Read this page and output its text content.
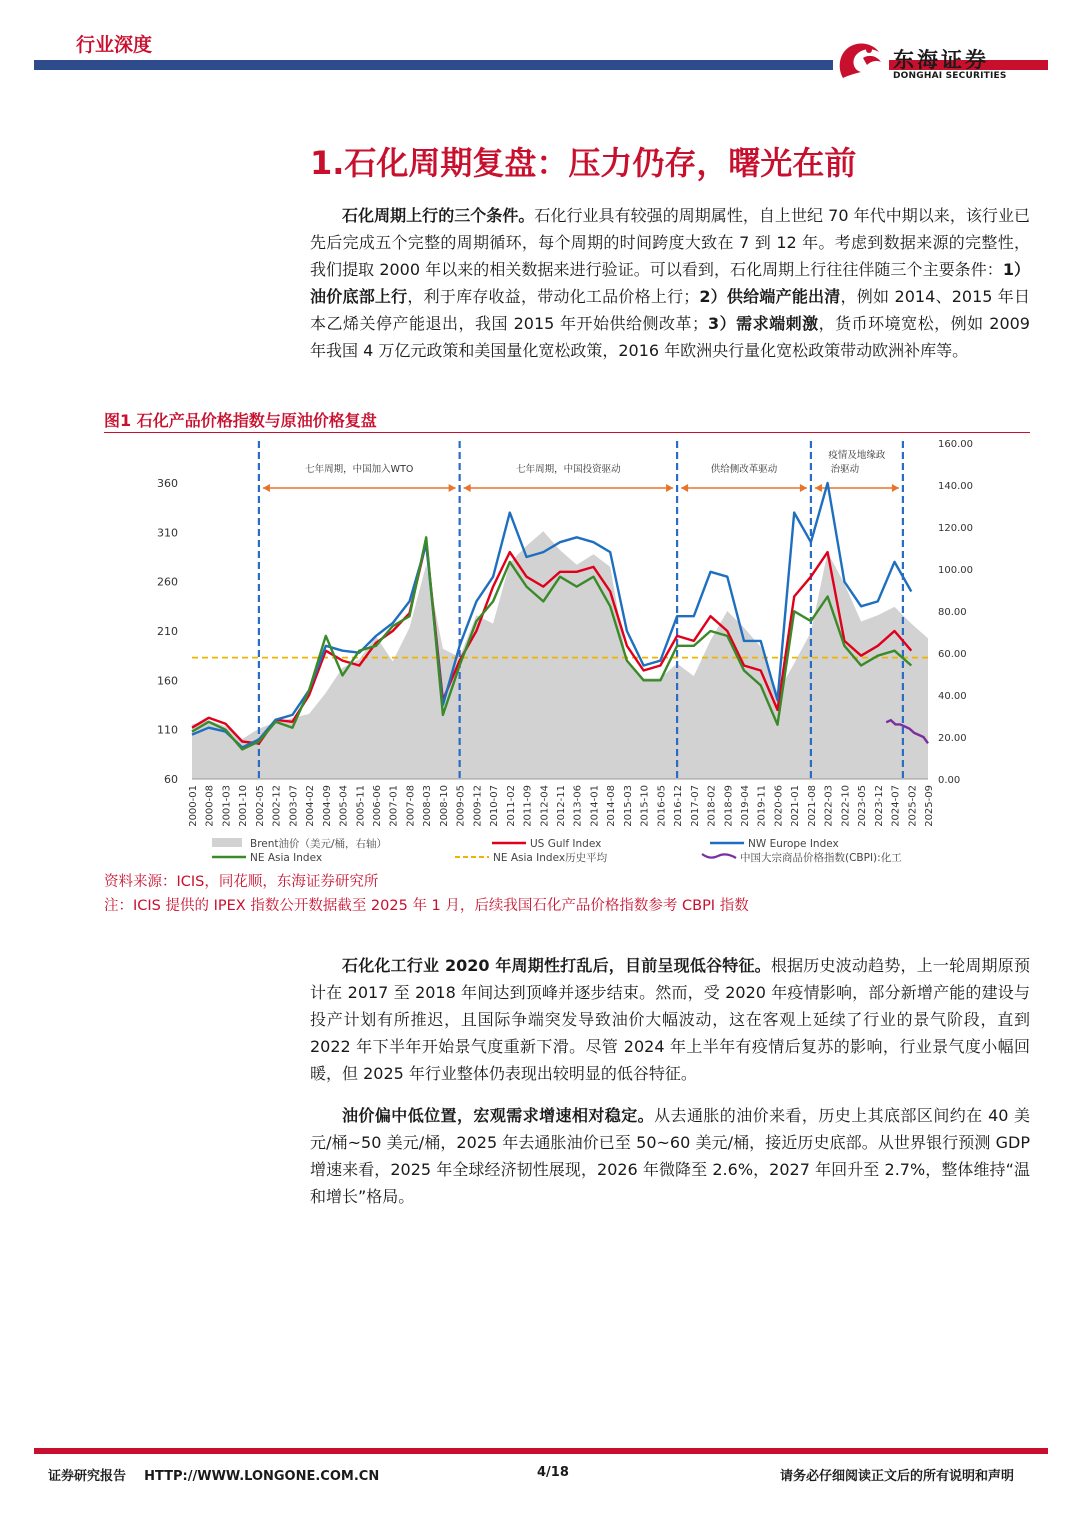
行业深度
东海证券
DONGHAI SECURITIES
1.石化周期复盘：压力仍存，曙光在前

石化周期上行的三个条件。石化行业具有较强的周期属性，自上世纪 70 年代中期以来，该行业已先后完成五个完整的周期循环，每个周期的时间跨度大致在 7 到 12 年。考虑到数据来源的完整性，我们提取 2000 年以来的相关数据来进行验证。可以看到，石化周期上行往往伴随三个主要条件：1）油价底部上行，利于库存收益，带动化工品价格上行；2）供给端产能出清，例如 2014、2015 年日本乙烯关停产能退出，我国 2015 年开始供给侧改革；3）需求端刺激，货币环境宽松，例如 2009 年我国 4 万亿元政策和美国量化宽松政策，2016 年欧洲央行量化宽松政策带动欧洲补库等。

图1 石化产品价格指数与原油价格复盘
七年周期，中国加入WTO	七年周期，中国投资驱动	供给侧改革驱动
疫情及地缘政治驱动
60
110
160
210
260
310
360
0.00
20.00
40.00
60.00
80.00
100.00
120.00
140.00
160.00
2000-01 2000-08 2001-03 2001-10 2002-05 2002-12 2003-07 2004-02 2004-09 2005-04 2005-11 2006-06 2007-01 2007-08 2008-03 2008-10 2009-05 2009-12 2010-07 2011-02 2011-09 2012-04 2012-11 2013-06 2014-01 2014-08 2015-03 2015-10 2016-05 2016-12 2017-07 2018-02 2018-09 2019-04 2019-11 2020-06 2021-01 2021-08 2022-03 2022-10 2023-05 2023-12 2024-07 2025-02 2025-09
Brent油价（美元/桶，右轴）	US Gulf Index	NW Europe Index
NE Asia Index	NE Asia Index历史平均	中国大宗商品价格指数(CBPI):化工
资料来源：ICIS，同花顺，东海证券研究所
注：ICIS 提供的 IPEX 指数公开数据截至 2025 年 1 月，后续我国石化产品价格指数参考 CBPI 指数

石化化工行业 2020 年周期性打乱后，目前呈现低谷特征。根据历史波动趋势，上一轮周期原预计在 2017 至 2018 年间达到顶峰并逐步结束。然而，受 2020 年疫情影响，部分新增产能的建设与投产计划有所推迟，且国际争端突发导致油价大幅波动，这在客观上延续了行业的景气阶段，直到 2022 年下半年开始景气度重新下滑。尽管 2024 年上半年有疫情后复苏的影响，行业景气度小幅回暖，但 2025 年行业整体仍表现出较明显的低谷特征。

油价偏中低位置，宏观需求增速相对稳定。从去通胀的油价来看，历史上其底部区间约在 40 美元/桶~50 美元/桶，2025 年去通胀油价已至 50~60 美元/桶，接近历史底部。从世界银行预测 GDP 增速来看，2025 年全球经济韧性展现，2026 年微降至 2.6%，2027 年回升至 2.7%，整体维持“温和增长”格局。

证券研究报告    HTTP://WWW.LONGONE.COM.CN	4/18	请务必仔细阅读正文后的所有说明和声明
